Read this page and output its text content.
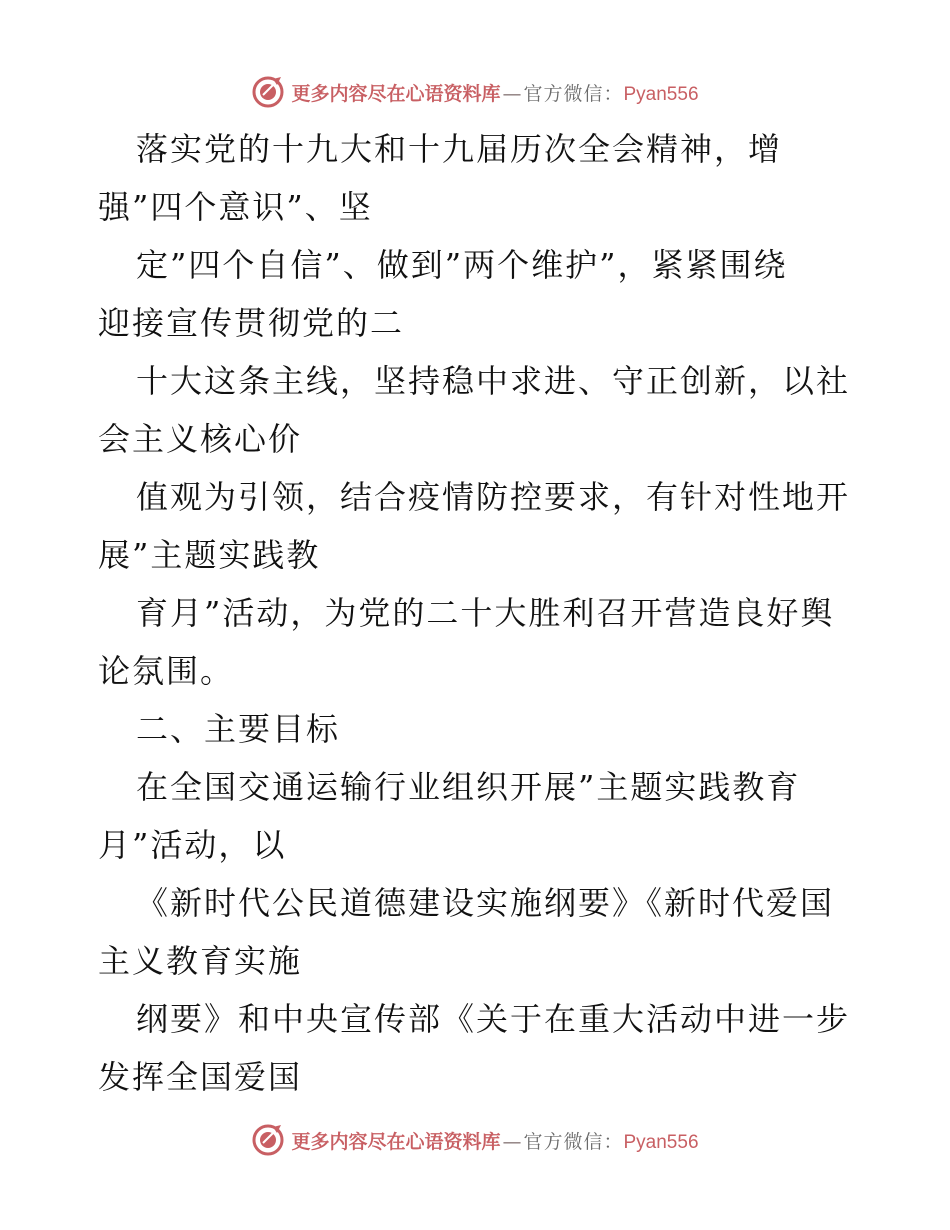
更多内容尽在心语资料库 — 官方微信： Pyan556
落实党的十九大和十九届历次全会精神，增
强”四个意识”、坚
定”四个自信”、做到”两个维护”，紧紧围绕
迎接宣传贯彻党的二
十大这条主线，坚持稳中求进、守正创新，以社
会主义核心价
值观为引领，结合疫情防控要求，有针对性地开
展”主题实践教
育月”活动，为党的二十大胜利召开营造良好舆
论氛围。
二、主要目标
在全国交通运输行业组织开展”主题实践教育
月”活动，以
《新时代公民道德建设实施纲要》《新时代爱国
主义教育实施
纲要》和中央宣传部《关于在重大活动中进一步
发挥全国爱国
更多内容尽在心语资料库 — 官方微信： Pyan556
